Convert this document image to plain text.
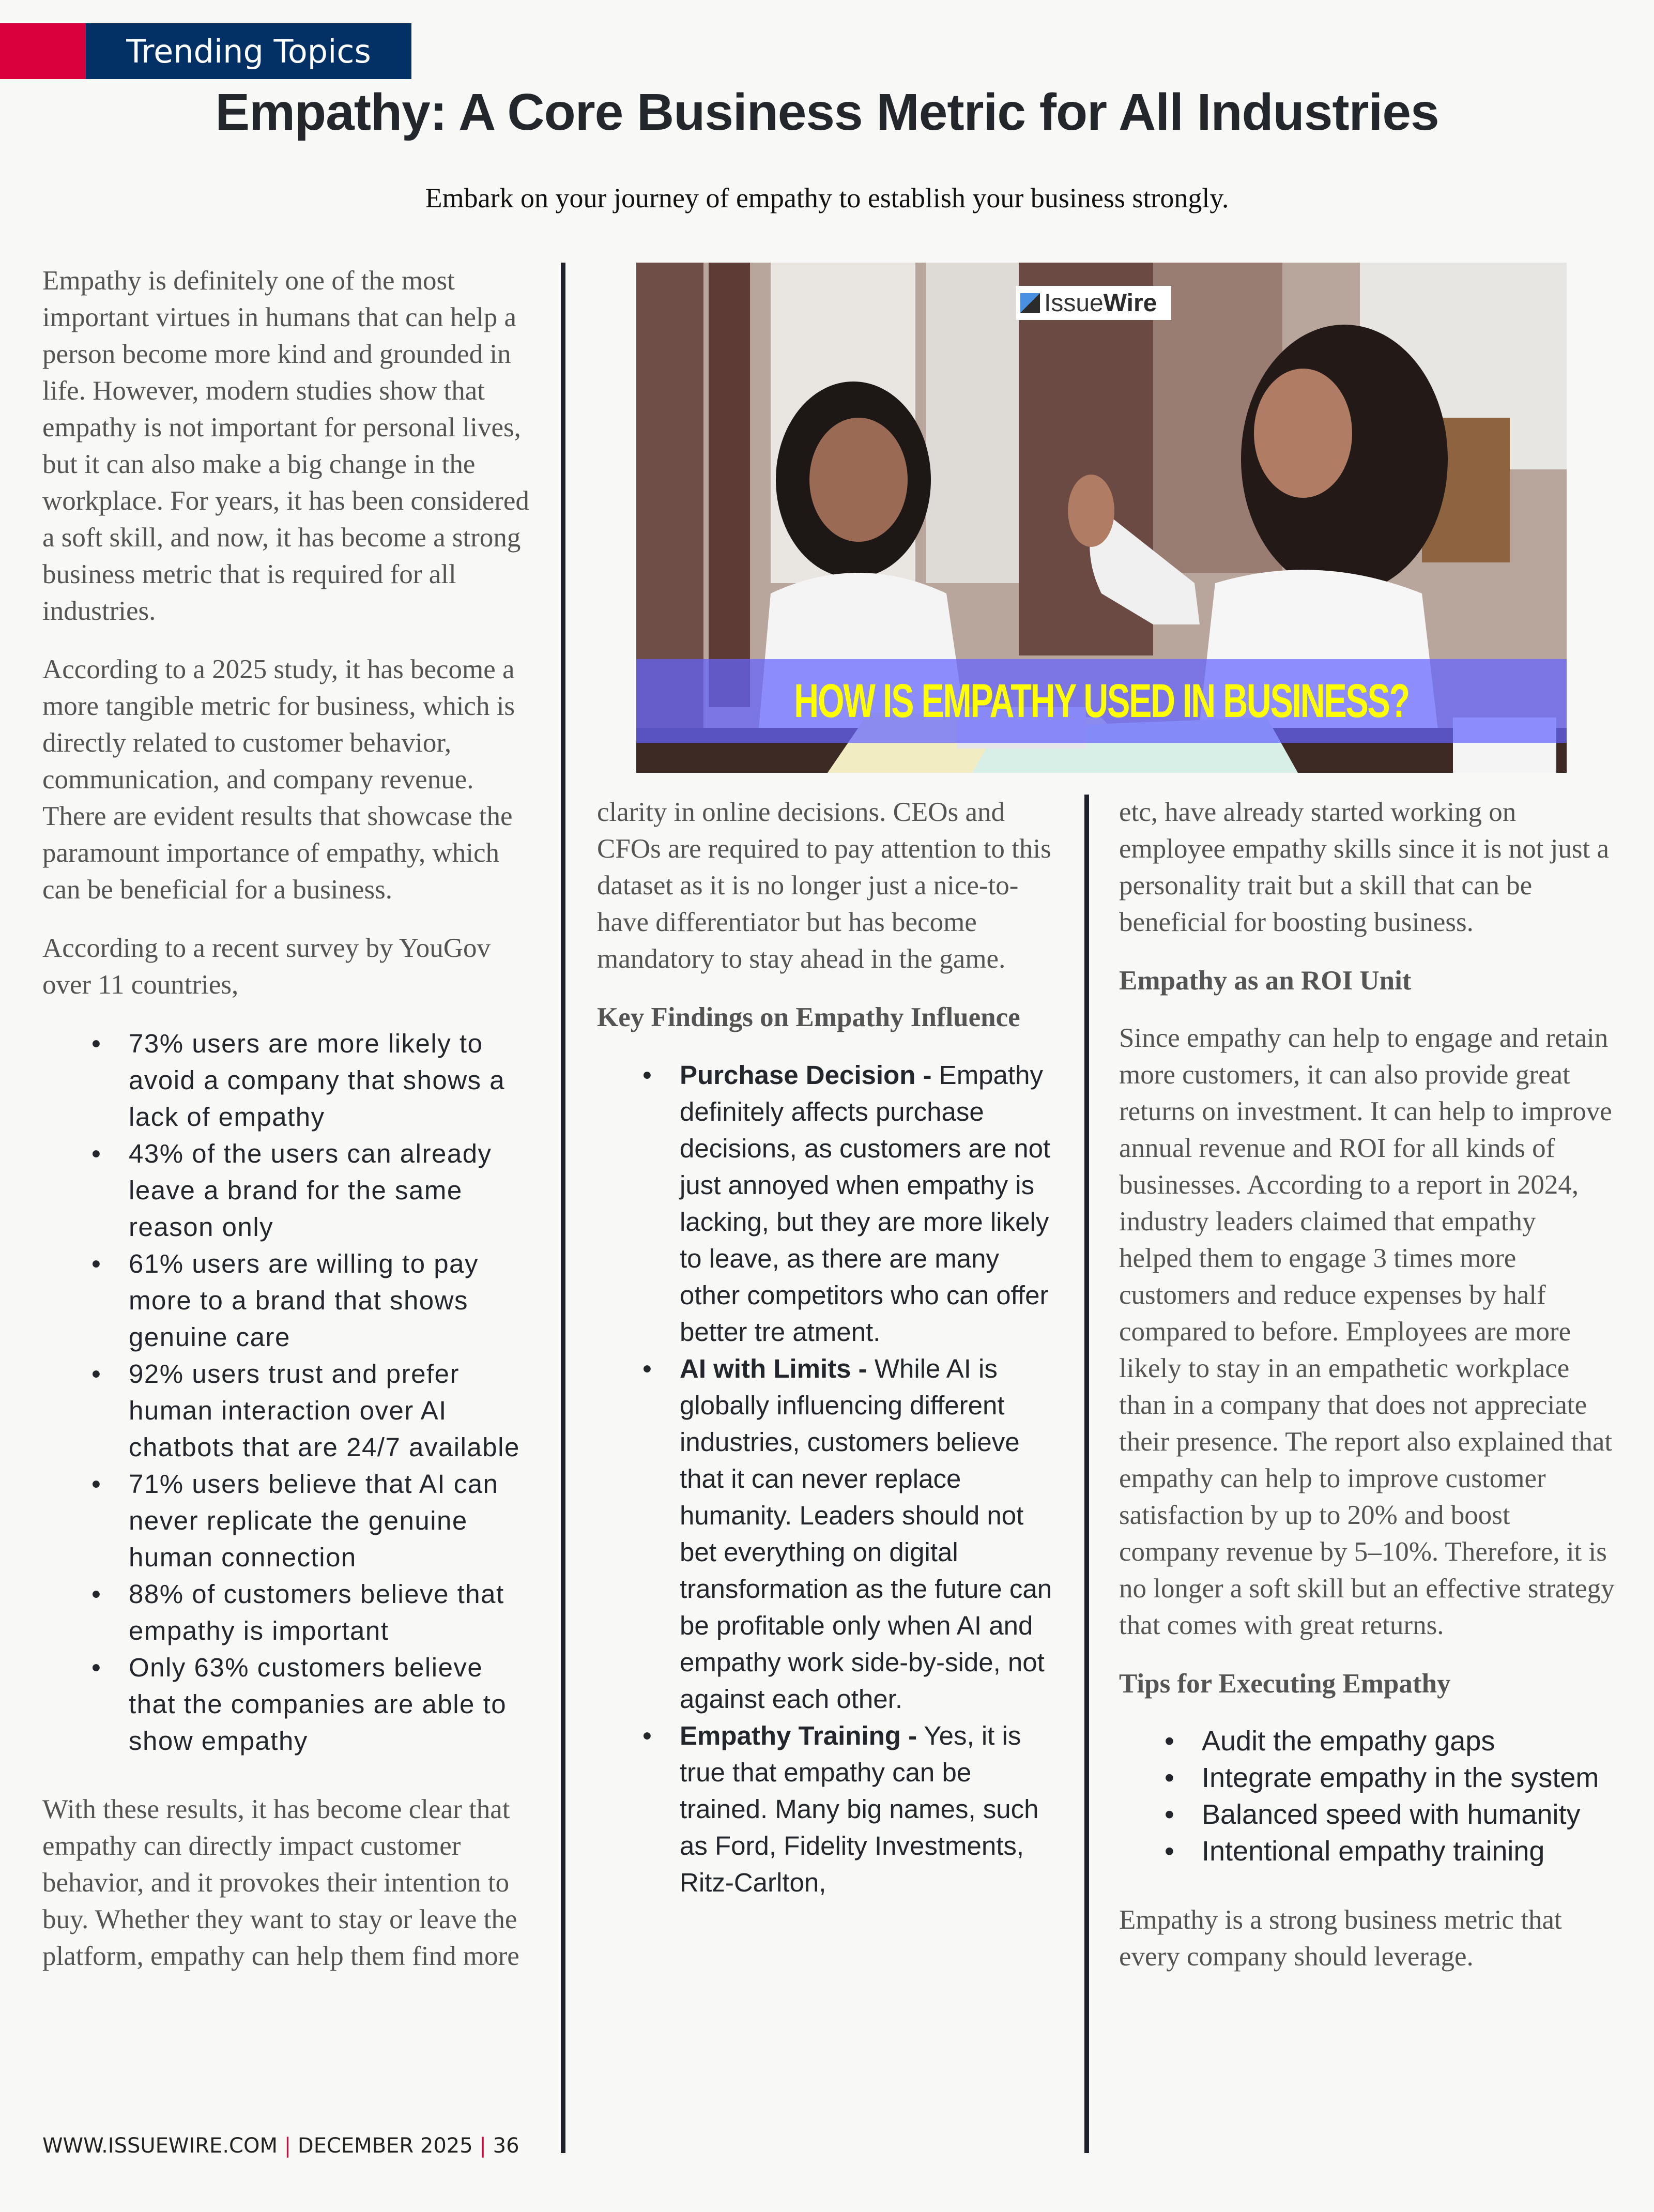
Trending Topics
Empathy: A Core Business Metric for All Industries
Embark on your journey of empathy to establish your business strongly.

Empathy is definitely one of the most important virtues in humans that can help a person become more kind and grounded in life. However, modern studies show that empathy is not important for personal lives, but it can also make a big change in the workplace. For years, it has been considered a soft skill, and now, it has become a strong business metric that is required for all industries.

According to a 2025 study, it has become a more tangible metric for business, which is directly related to customer behavior, communication, and company revenue. There are evident results that showcase the paramount importance of empathy, which can be beneficial for a business.

According to a recent survey by YouGov over 11 countries,

• 73% users are more likely to avoid a company that shows a lack of empathy
• 43% of the users can already leave a brand for the same reason only
• 61% users are willing to pay more to a brand that shows genuine care
• 92% users trust and prefer human interaction over AI chatbots that are 24/7 available
• 71% users believe that AI can never replicate the genuine human connection
• 88% of customers believe that empathy is important
• Only 63% customers believe that the companies are able to show empathy

With these results, it has become clear that empathy can directly impact customer behavior, and it provokes their intention to buy. Whether they want to stay or leave the platform, empathy can help them find more

Issue Wire
HOW IS EMPATHY USED IN BUSINESS?

clarity in online decisions. CEOs and CFOs are required to pay attention to this dataset as it is no longer just a nice-to-have differentiator but has become mandatory to stay ahead in the game.

Key Findings on Empathy Influence
• Purchase Decision - Empathy definitely affects purchase decisions, as customers are not just annoyed when empathy is lacking, but they are more likely to leave, as there are many other competitors who can offer better tre atment.
• AI with Limits - While AI is globally influencing different industries, customers believe that it can never replace humanity. Leaders should not bet everything on digital transformation as the future can be profitable only when AI and empathy work side-by-side, not against each other.
• Empathy Training - Yes, it is true that empathy can be trained. Many big names, such as Ford, Fidelity Investments, Ritz-Carlton,

etc, have already started working on employee empathy skills since it is not just a personality trait but a skill that can be beneficial for boosting business.

Empathy as an ROI Unit

Since empathy can help to engage and retain more customers, it can also provide great returns on investment. It can help to improve annual revenue and ROI for all kinds of businesses. According to a report in 2024, industry leaders claimed that empathy helped them to engage 3 times more customers and reduce expenses by half compared to before. Employees are more likely to stay in an empathetic workplace than in a company that does not appreciate their presence. The report also explained that empathy can help to improve customer satisfaction by up to 20% and boost company revenue by 5–10%. Therefore, it is no longer a soft skill but an effective strategy that comes with great returns.

Tips for Executing Empathy
• Audit the empathy gaps
• Integrate empathy in the system
• Balanced speed with humanity
• Intentional empathy training

Empathy is a strong business metric that every company should leverage.

WWW.ISSUEWIRE.COM | DECEMBER 2025 | 36
